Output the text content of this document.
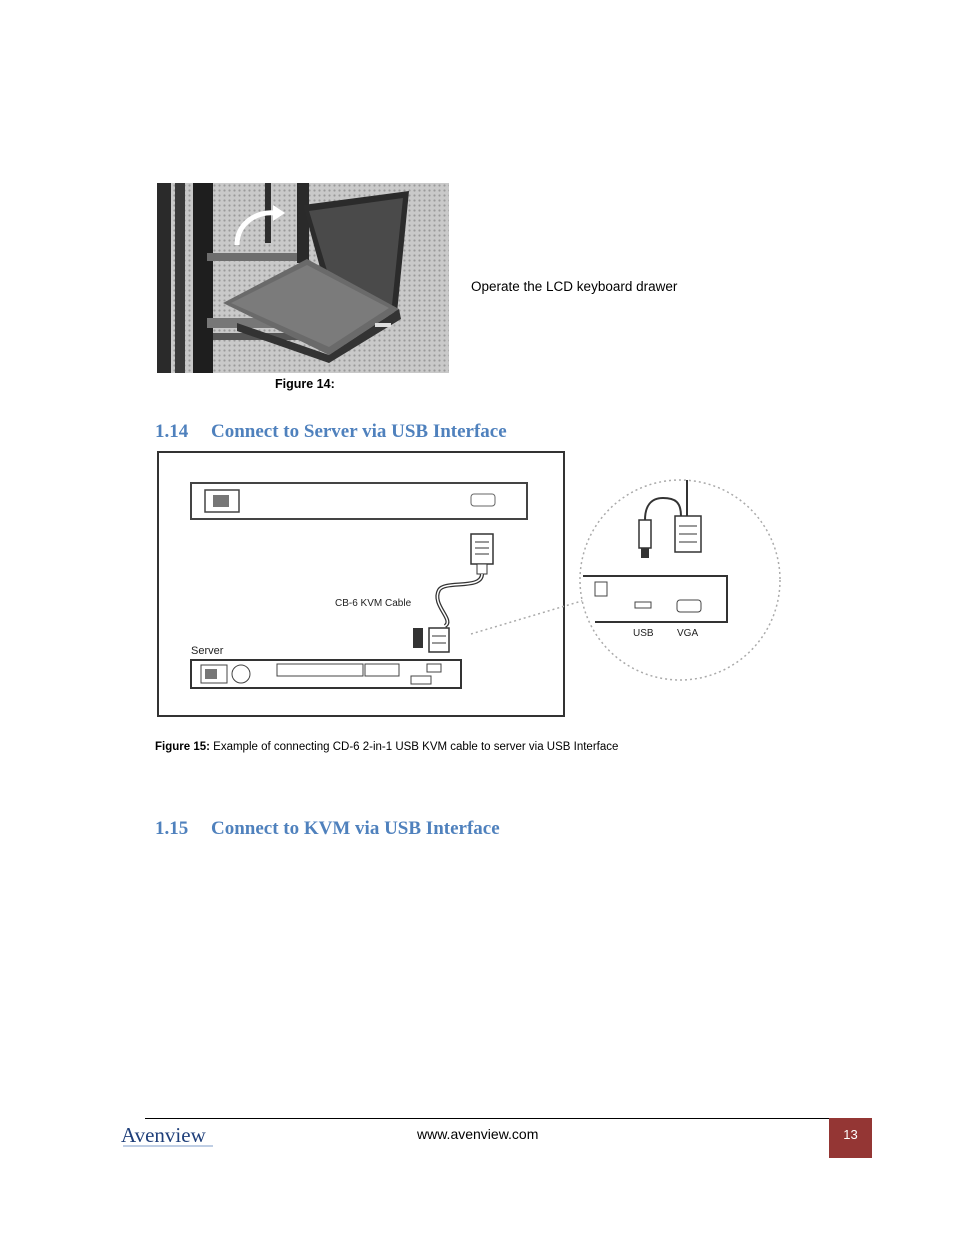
Operate the LCD keyboard drawer
Figure 14:
1.14 Connect to Server via USB Interface
CB-6 KVM Cable
Server
USB VGA
Figure 15: Example of connecting CD-6 2-in-1 USB KVM cable to server via USB Interface
1.15 Connect to KVM via USB Interface
Avenview	www.avenview.com	13
